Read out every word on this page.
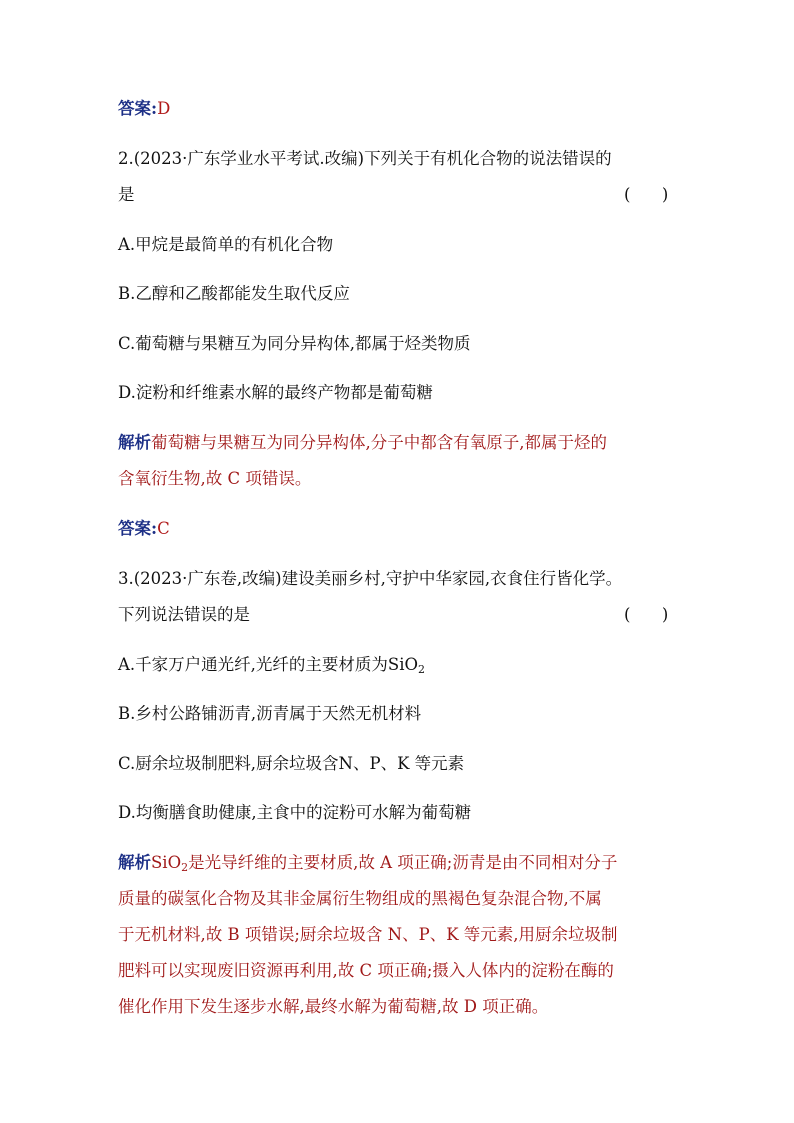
答案:D
2.(2023·广东学业水平考试.改编)下列关于有机化合物的说法错误的
是	(      )
A.甲烷是最简单的有机化合物
B.乙醇和乙酸都能发生取代反应
C.葡萄糖与果糖互为同分异构体,都属于烃类物质
D.淀粉和纤维素水解的最终产物都是葡萄糖
解析葡萄糖与果糖互为同分异构体,分子中都含有氧原子,都属于烃的
含氧衍生物,故 C 项错误。
答案:C
3.(2023·广东卷,改编)建设美丽乡村,守护中华家园,衣食住行皆化学。
下列说法错误的是	(      )
A.千家万户通光纤,光纤的主要材质为SiO$_2$
B.乡村公路铺沥青,沥青属于天然无机材料
C.厨余垃圾制肥料,厨余垃圾含N、P、K 等元素
D.均衡膳食助健康,主食中的淀粉可水解为葡萄糖
解析SiO$_2$是光导纤维的主要材质,故 A 项正确;沥青是由不同相对分子
质量的碳氢化合物及其非金属衍生物组成的黑褐色复杂混合物,不属
于无机材料,故 B 项错误;厨余垃圾含 N、P、K 等元素,用厨余垃圾制
肥料可以实现废旧资源再利用,故 C 项正确;摄入人体内的淀粉在酶的
催化作用下发生逐步水解,最终水解为葡萄糖,故 D 项正确。
